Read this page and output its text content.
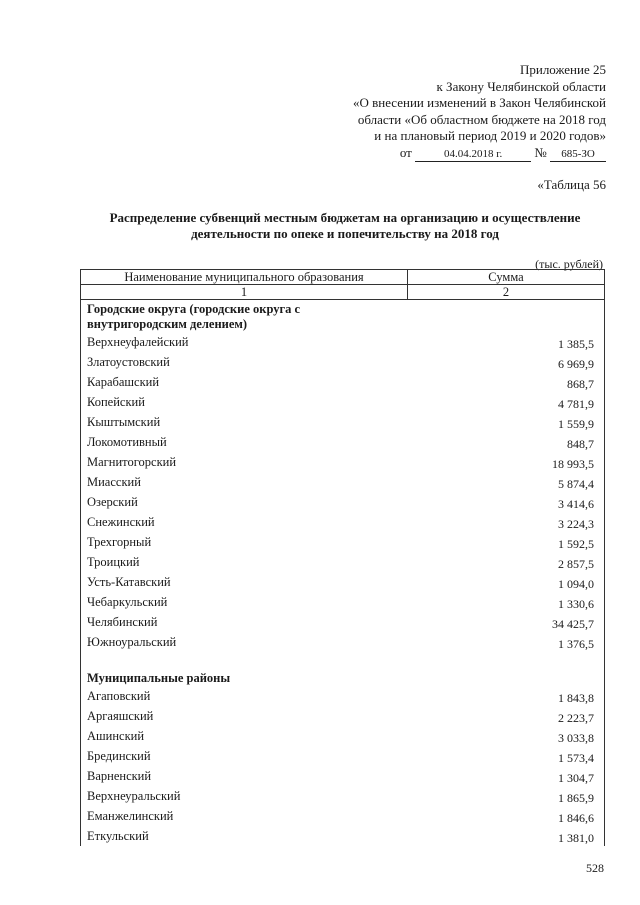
Приложение 25
к Закону Челябинской области
«О внесении изменений в Закон Челябинской
области «Об областном бюджете на 2018 год
и на плановый период 2019 и 2020 годов»
от	04.04.2018 г. № 685-ЗО
«Таблица 56
Распределение субвенций местным бюджетам на организацию и осуществление деятельности по опеке и попечительству на 2018 год
(тыс. рублей)
Наименование муниципального образования	Сумма
1	2
Городские округа (городские округа с внутригородским делением)	
Верхнеуфалейский	1 385,5
Златоустовский	6 969,9
Карабашский	868,7
Копейский	4 781,9
Кыштымский	1 559,9
Локомотивный	848,7
Магнитогорский	18 993,5
Миасский	5 874,4
Озерский	3 414,6
Снежинский	3 224,3
Трехгорный	1 592,5
Троицкий	2 857,5
Усть-Катавский	1 094,0
Чебаркульский	1 330,6
Челябинский	34 425,7
Южноуральский	1 376,5
Муниципальные районы	
Агаповский	1 843,8
Аргаяшский	2 223,7
Ашинский	3 033,8
Брединский	1 573,4
Варненский	1 304,7
Верхнеуральский	1 865,9
Еманжелинский	1 846,6
Еткульский	1 381,0
528
